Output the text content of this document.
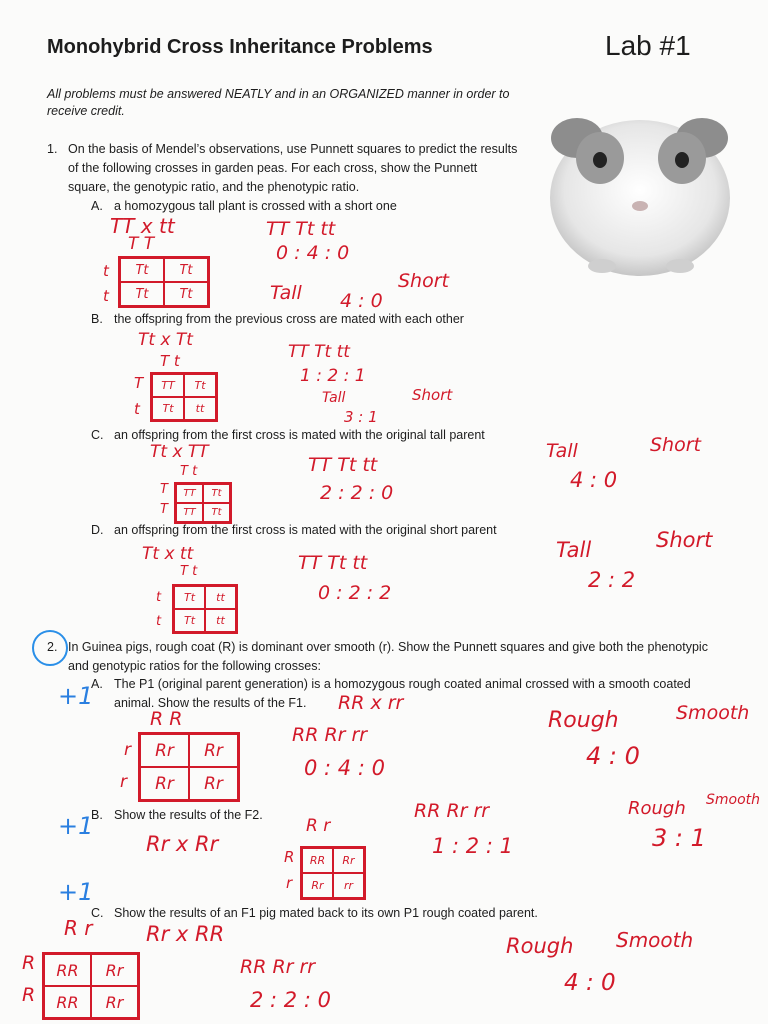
Monohybrid Cross Inheritance Problems	Lab #1
All problems must be answered NEATLY and in an ORGANIZED manner in order to receive credit.
1. On the basis of Mendel’s observations, use Punnett squares to predict the results
of the following crosses in garden peas. For each cross, show the Punnett
square, the genotypic ratio, and the phenotypic ratio.
A. a homozygous tall plant is crossed with a short one
TT x tt
T T
t
t
Tt	Tt
Tt	Tt
TT Tt tt
0 : 4 : 0
Tall
Short
4 : 0
B. the offspring from the previous cross are mated with each other
Tt x Tt
T t
T
t
TT	Tt
Tt	tt
TT Tt tt
1 : 2 : 1
Tall	Short
3 : 1
C. an offspring from the first cross is mated with the original tall parent
Tt x TT
T t
T
T
TT	Tt
TT	Tt
TT Tt tt
2 : 2 : 0
Tall	Short
4 : 0
D. an offspring from the first cross is mated with the original short parent
Tt x tt
T t
t
t
Tt	tt
Tt	tt
TT Tt tt
0 : 2 : 2
Tall	Short
2 : 2
2. In Guinea pigs, rough coat (R) is dominant over smooth (r). Show the Punnett squares and give both the phenotypic
and genotypic ratios for the following crosses:
+1
A. The P1 (original parent generation) is a homozygous rough coated animal crossed with a smooth coated
animal. Show the results of the F1. RR x rr
R R
r
r
Rr	Rr
Rr	Rr
RR Rr rr
0 : 4 : 0
Rough	Smooth
4 : 0
+1
B. Show the results of the F2.
Rr x Rr
R r
R
r
RR	Rr
Rr	rr
RR Rr rr
1 : 2 : 1
Rough Smooth
3 : 1
+1
C. Show the results of an F1 pig mated back to its own P1 rough coated parent.
Rr x RR
R r
R
R
RR	Rr
RR	Rr
RR Rr rr
2 : 2 : 0
Rough Smooth
4 : 0
